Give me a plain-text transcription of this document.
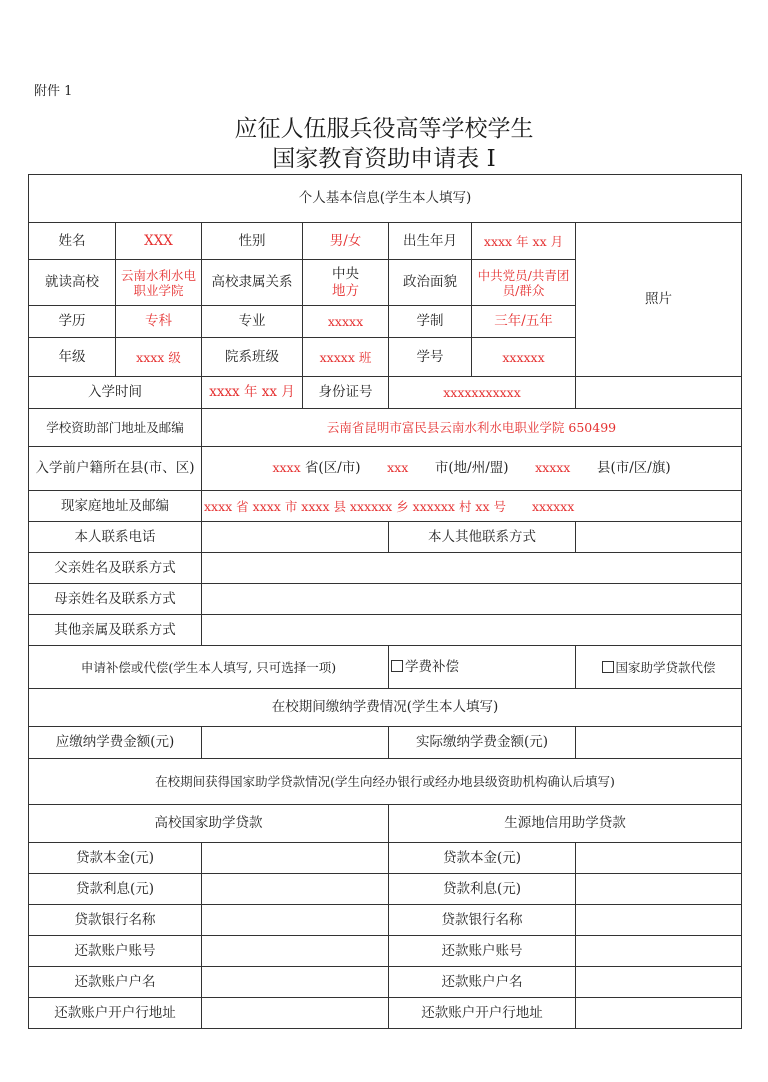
附件 1
应征人伍服兵役高等学校学生
国家教育资助申请表 I
个人基本信息(学生本人填写)						
姓名	XXX	性别	男/女	出生年月	xxxx 年 xx 月	照片
就读高校	云南水利水电职业学院	高校隶属关系	中央
地方	政治面貌	中共党员/共青团员/群众	
学历	专科	专业	xxxxx	学制	三年/五年	
年级	xxxx 级	院系班级	xxxxx 班	学号	xxxxxx	
入学时间		xxxx 年 xx 月	身份证号	xxxxxxxxxxx		
学校资助部门地址及邮编		云南省昆明市富民县云南水利水电职业学院 650499				
入学前户籍所在县(市、区)		xxxx 省(区/市) xxx 市(地/州/盟) xxxxx 县(市/区/旗)				
现家庭地址及邮编		xxxx 省 xxxx 市 xxxx 县 xxxxxx 乡 xxxxxx 村 xx 号 xxxxxx				
本人联系电话				本人其他联系方式		
父亲姓名及联系方式						
母亲姓名及联系方式						
其他亲属及联系方式						
申请补偿或代偿(学生本人填写, 只可选择一项)				学费补偿		国家助学贷款代偿
在校期间缴纳学费情况(学生本人填写)						
应缴纳学费金额(元)				实际缴纳学费金额(元)		
在校期间获得国家助学贷款情况(学生向经办银行或经办地县级资助机构确认后填写)						
高校国家助学贷款				生源地信用助学贷款		
贷款本金(元)				贷款本金(元)		
贷款利息(元)				贷款利息(元)		
贷款银行名称				贷款银行名称		
还款账户账号				还款账户账号		
还款账户户名				还款账户户名		
还款账户开户行地址				还款账户开户行地址		
